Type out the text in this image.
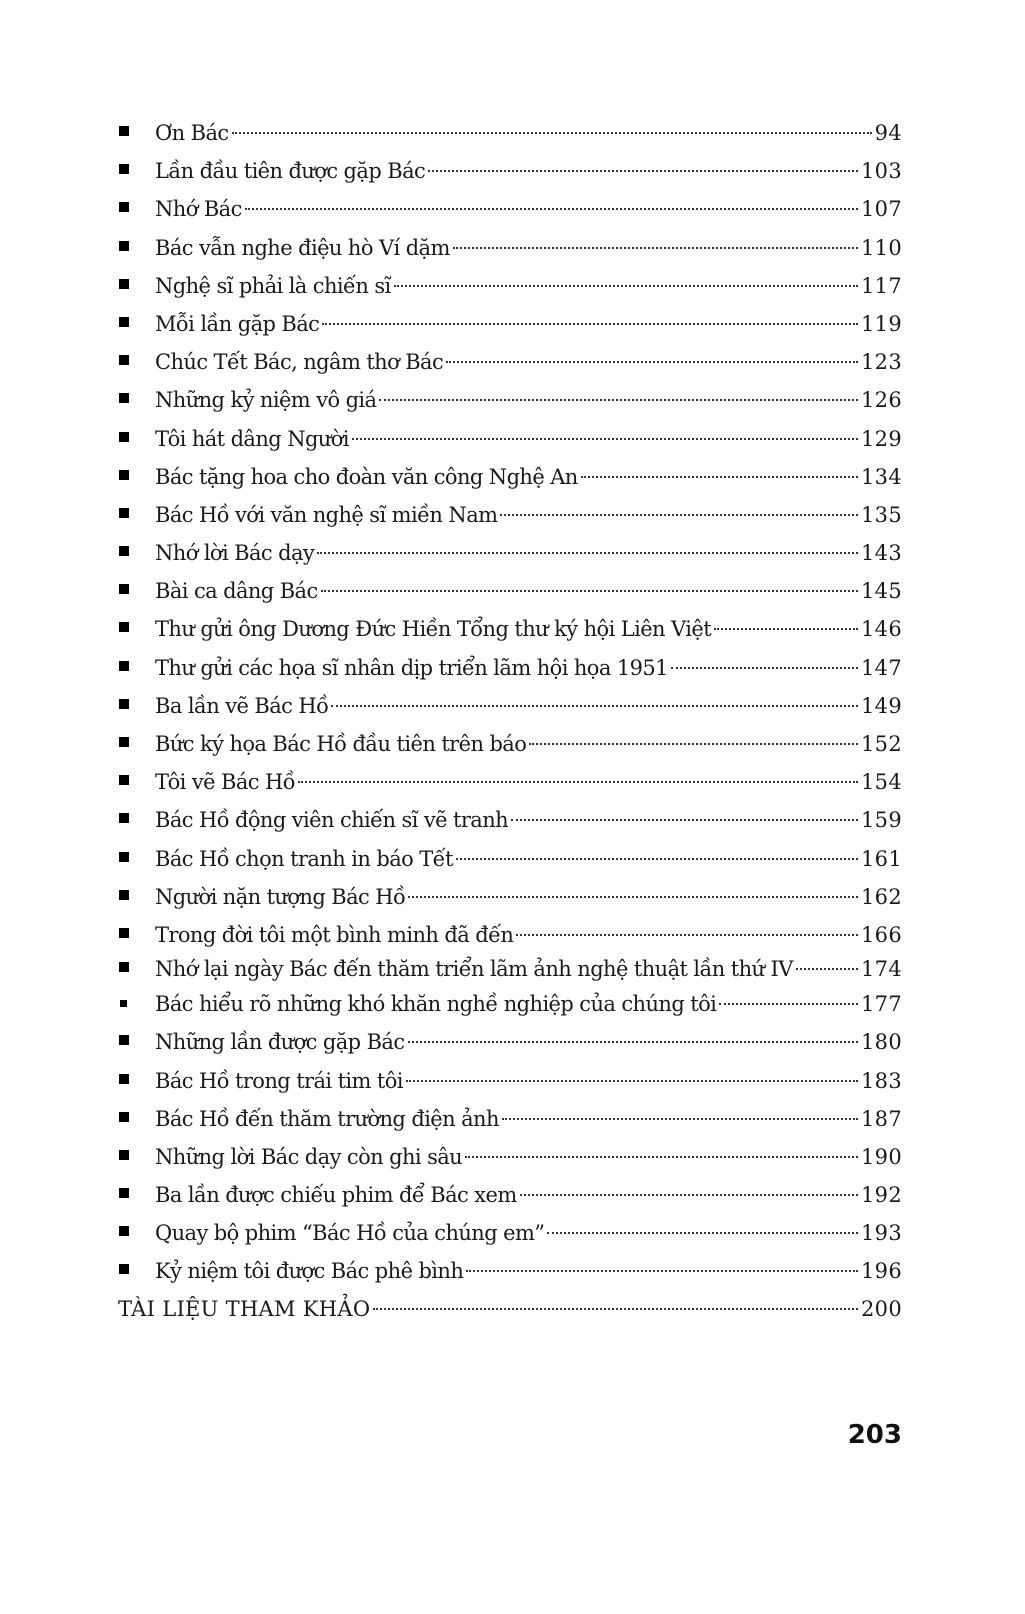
Ơn Bác	94
Lần đầu tiên được gặp Bác	103
Nhớ Bác	107
Bác vẫn nghe điệu hò Ví dặm	110
Nghệ sĩ phải là chiến sĩ	117
Mỗi lần gặp Bác	119
Chúc Tết Bác, ngâm thơ Bác	123
Những kỷ niệm vô giá	126
Tôi hát dâng Người	129
Bác tặng hoa cho đoàn văn công Nghệ An	134
Bác Hồ với văn nghệ sĩ miền Nam	135
Nhớ lời Bác dạy	143
Bài ca dâng Bác	145
Thư gửi ông Dương Đức Hiền Tổng thư ký hội Liên Việt	146
Thư gửi các họa sĩ nhân dịp triển lãm hội họa 1951	147
Ba lần vẽ Bác Hồ	149
Bức ký họa Bác Hồ đầu tiên trên báo	152
Tôi vẽ Bác Hồ	154
Bác Hồ động viên chiến sĩ vẽ tranh	159
Bác Hồ chọn tranh in báo Tết	161
Người nặn tượng Bác Hồ	162
Trong đời tôi một bình minh đã đến	166
Nhớ lại ngày Bác đến thăm triển lãm ảnh nghệ thuật lần thứ IV	174
Bác hiểu rõ những khó khăn nghề nghiệp của chúng tôi	177
Những lần được gặp Bác	180
Bác Hồ trong trái tim tôi	183
Bác Hồ đến thăm trường điện ảnh	187
Những lời Bác dạy còn ghi sâu	190
Ba lần được chiếu phim để Bác xem	192
Quay bộ phim “Bác Hồ của chúng em”	193
Kỷ niệm tôi được Bác phê bình	196
TÀI LIỆU THAM KHẢO	200
203
